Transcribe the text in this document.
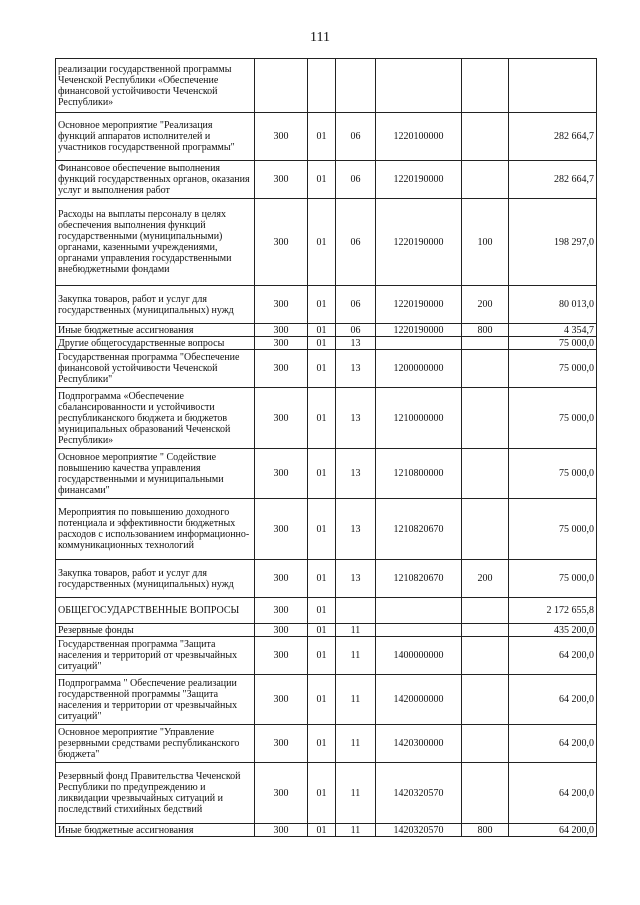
111
реализации государственной программы Чеченской Республики «Обеспечение финансовой устойчивости Чеченской Республики»						
Основное мероприятие "Реализация функций аппаратов исполнителей и участников государственной программы"	300	01	06	1220100000		282 664,7
Финансовое обеспечение выполнения функций государственных органов, оказания услуг и выполнения работ	300	01	06	1220190000		282 664,7
Расходы на выплаты персоналу в целях обеспечения выполнения функций государственными (муниципальными) органами, казенными учреждениями, органами управления государственными внебюджетными фондами	300	01	06	1220190000	100	198 297,0
Закупка товаров, работ и услуг для государственных (муниципальных) нужд	300	01	06	1220190000	200	80 013,0
Иные бюджетные ассигнования	300	01	06	1220190000	800	4 354,7
Другие общегосударственные вопросы	300	01	13			75 000,0
Государственная программа "Обеспечение финансовой устойчивости Чеченской Республики"	300	01	13	1200000000		75 000,0
Подпрограмма «Обеспечение сбалансированности и устойчивости республиканского бюджета и бюджетов муниципальных образований Чеченской Республики»	300	01	13	1210000000		75 000,0
Основное мероприятие " Содействие повышению качества управления государственными и муниципальными финансами"	300	01	13	1210800000		75 000,0
Мероприятия по повышению доходного потенциала и эффективности бюджетных расходов с использованием информационно-коммуникационных технологий	300	01	13	1210820670		75 000,0
Закупка товаров, работ и услуг для государственных (муниципальных) нужд	300	01	13	1210820670	200	75 000,0
ОБЩЕГОСУДАРСТВЕННЫЕ ВОПРОСЫ	300	01				2 172 655,8
Резервные фонды	300	01	11			435 200,0
Государственная программа "Защита населения и территорий от чрезвычайных ситуаций"	300	01	11	1400000000		64 200,0
Подпрограмма " Обеспечение реализации государственной программы "Защита населения и территории от чрезвычайных ситуаций"	300	01	11	1420000000		64 200,0
Основное мероприятие "Управление резервными средствами республиканского бюджета"	300	01	11	1420300000		64 200,0
Резервный фонд Правительства Чеченской Республики по предупреждению и ликвидации чрезвычайных ситуаций и последствий стихийных бедствий	300	01	11	1420320570		64 200,0
Иные бюджетные ассигнования	300	01	11	1420320570	800	64 200,0
